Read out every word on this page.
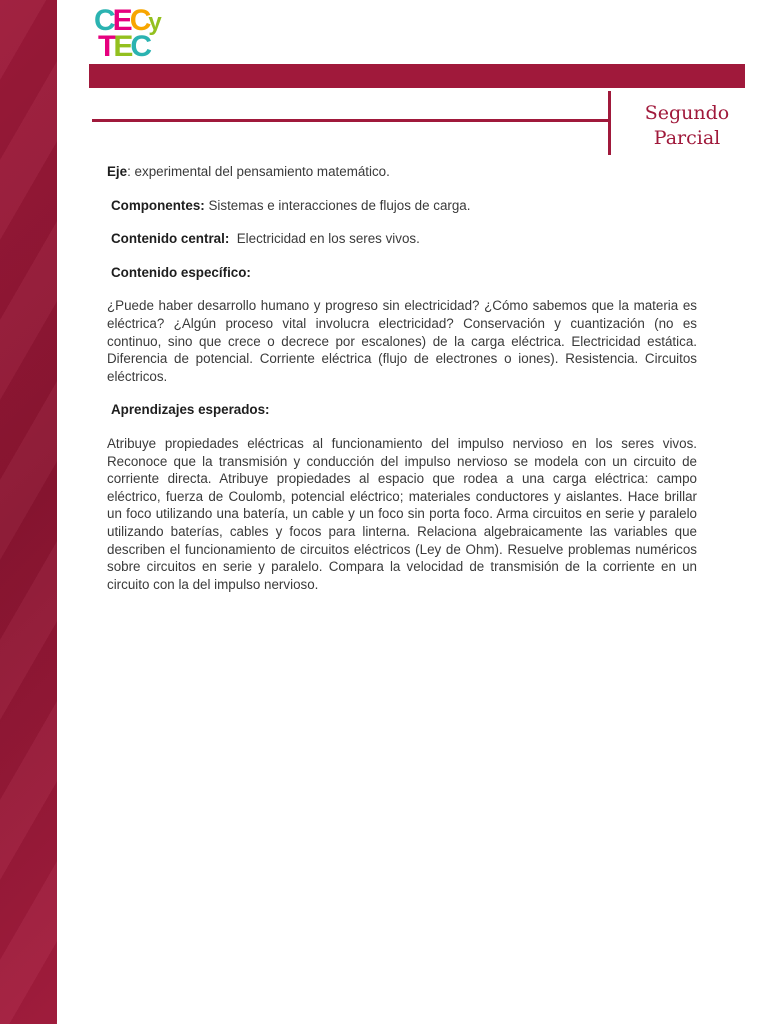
CECy
TEC
Segundo
Parcial
Eje: experimental del pensamiento matemático.
Componentes: Sistemas e interacciones de flujos de carga.
Contenido central:  Electricidad en los seres vivos.
Contenido específico:

¿Puede haber desarrollo humano y progreso sin electricidad? ¿Cómo sabemos que la materia es eléctrica? ¿Algún proceso vital involucra electricidad? Conservación y cuantización (no es continuo, sino que crece o decrece por escalones) de la carga eléctrica. Electricidad estática. Diferencia de potencial. Corriente eléctrica (flujo de electrones o iones). Resistencia. Circuitos eléctricos.

Aprendizajes esperados:

Atribuye propiedades eléctricas al funcionamiento del impulso nervioso en los seres vivos. Reconoce que la transmisión y conducción del impulso nervioso se modela con un circuito de corriente directa. Atribuye propiedades al espacio que rodea a una carga eléctrica: campo eléctrico, fuerza de Coulomb, potencial eléctrico; materiales conductores y aislantes. Hace brillar un foco utilizando una batería, un cable y un foco sin porta foco. Arma circuitos en serie y paralelo utilizando baterías, cables y focos para linterna. Relaciona algebraicamente las variables que describen el funcionamiento de circuitos eléctricos (Ley de Ohm). Resuelve problemas numéricos sobre circuitos en serie y paralelo. Compara la velocidad de transmisión de la corriente en un circuito con la del impulso nervioso.
